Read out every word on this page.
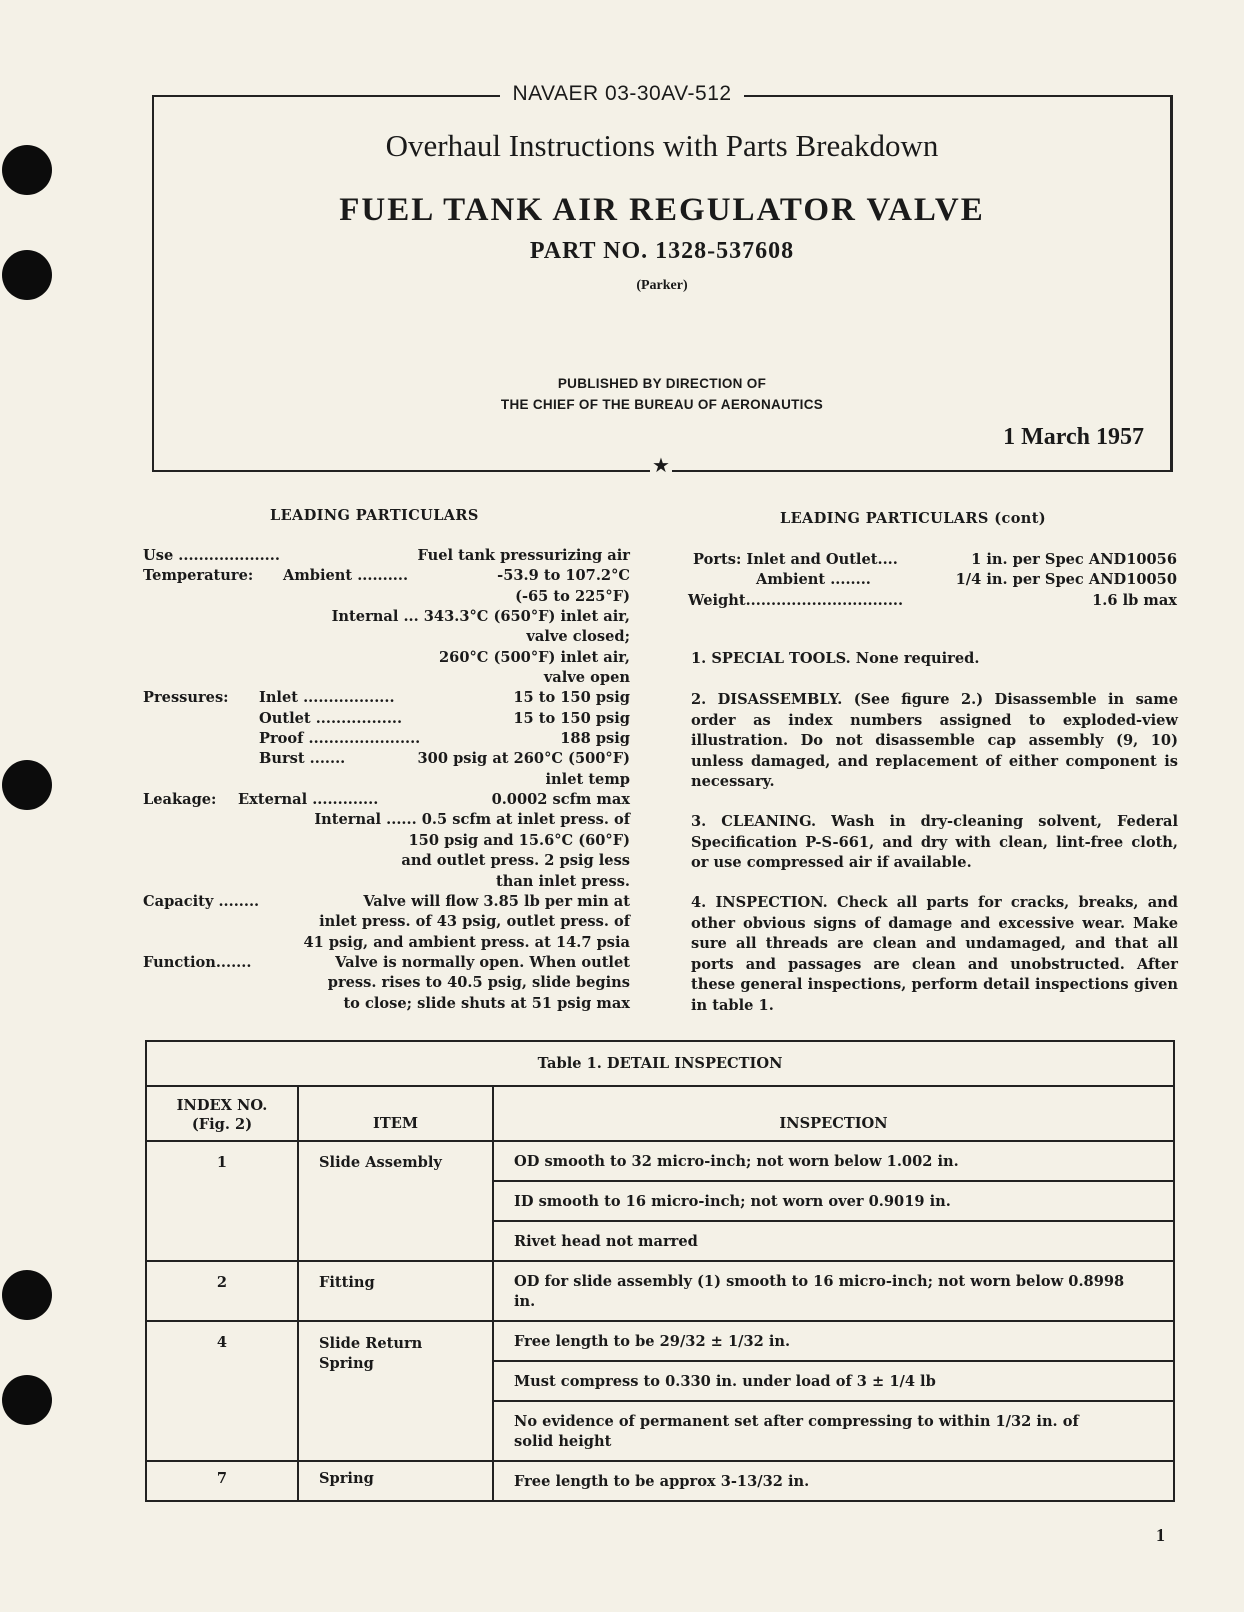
NAVAER 03-30AV-512
Overhaul Instructions with Parts Breakdown
FUEL TANK AIR REGULATOR VALVE
PART NO. 1328-537608
(Parker)
PUBLISHED BY DIRECTION OF
THE CHIEF OF THE BUREAU OF AERONAUTICS
1 March 1957
★
LEADING PARTICULARS
Use ....................	Fuel tank pressurizing air
Temperature: Ambient ..........	-53.9 to 107.2°C
(-65 to 225°F)
Internal ... 343.3°C (650°F) inlet air,
valve closed;
260°C (500°F) inlet air,
valve open
Pressures: Inlet ..................	15 to 150 psig
Outlet .................	15 to 150 psig
Proof ......................	188 psig
Burst .......	300 psig at 260°C (500°F)
inlet temp
Leakage: External .............	0.0002 scfm max
Internal ...... 0.5 scfm at inlet press. of
150 psig and 15.6°C (60°F)
and outlet press. 2 psig less
than inlet press.
Capacity ........	Valve will flow 3.85 lb per min at
inlet press. of 43 psig, outlet press. of
41 psig, and ambient press. at 14.7 psia
Function.......	Valve is normally open. When outlet
press. rises to 40.5 psig, slide begins
to close; slide shuts at 51 psig max
LEADING PARTICULARS (cont)
Ports: Inlet and Outlet....	1 in. per Spec AND10056
Ambient ........	1/4 in. per Spec AND10050
Weight...............................	1.6 lb max
1. SPECIAL TOOLS. None required.
2. DISASSEMBLY. (See figure 2.) Disassemble in same order as index numbers assigned to exploded-view illustration. Do not disassemble cap assembly (9, 10) unless damaged, and replacement of either component is necessary.
3. CLEANING. Wash in dry-cleaning solvent, Federal Specification P-S-661, and dry with clean, lint-free cloth, or use compressed air if available.
4. INSPECTION. Check all parts for cracks, breaks, and other obvious signs of damage and excessive wear. Make sure all threads are clean and undamaged, and that all ports and passages are clean and unobstructed. After these general inspections, perform detail inspections given in table 1.
Table 1. DETAIL INSPECTION		

INDEX NO.
(Fig. 2)	ITEM	INSPECTION
1	Slide Assembly	OD smooth to 32 micro-inch; not worn below 1.002 in.
		ID smooth to 16 micro-inch; not worn over 0.9019 in.
		Rivet head not marred
2	Fitting	OD for slide assembly (1) smooth to 16 micro-inch; not worn below 0.8998 in.
4	Slide Return Spring	Free length to be 29/32 ± 1/32 in.
		Must compress to 0.330 in. under load of 3 ± 1/4 lb
		No evidence of permanent set after compressing to within 1/32 in. of solid height
7	Spring	Free length to be approx 3-13/32 in.
1
